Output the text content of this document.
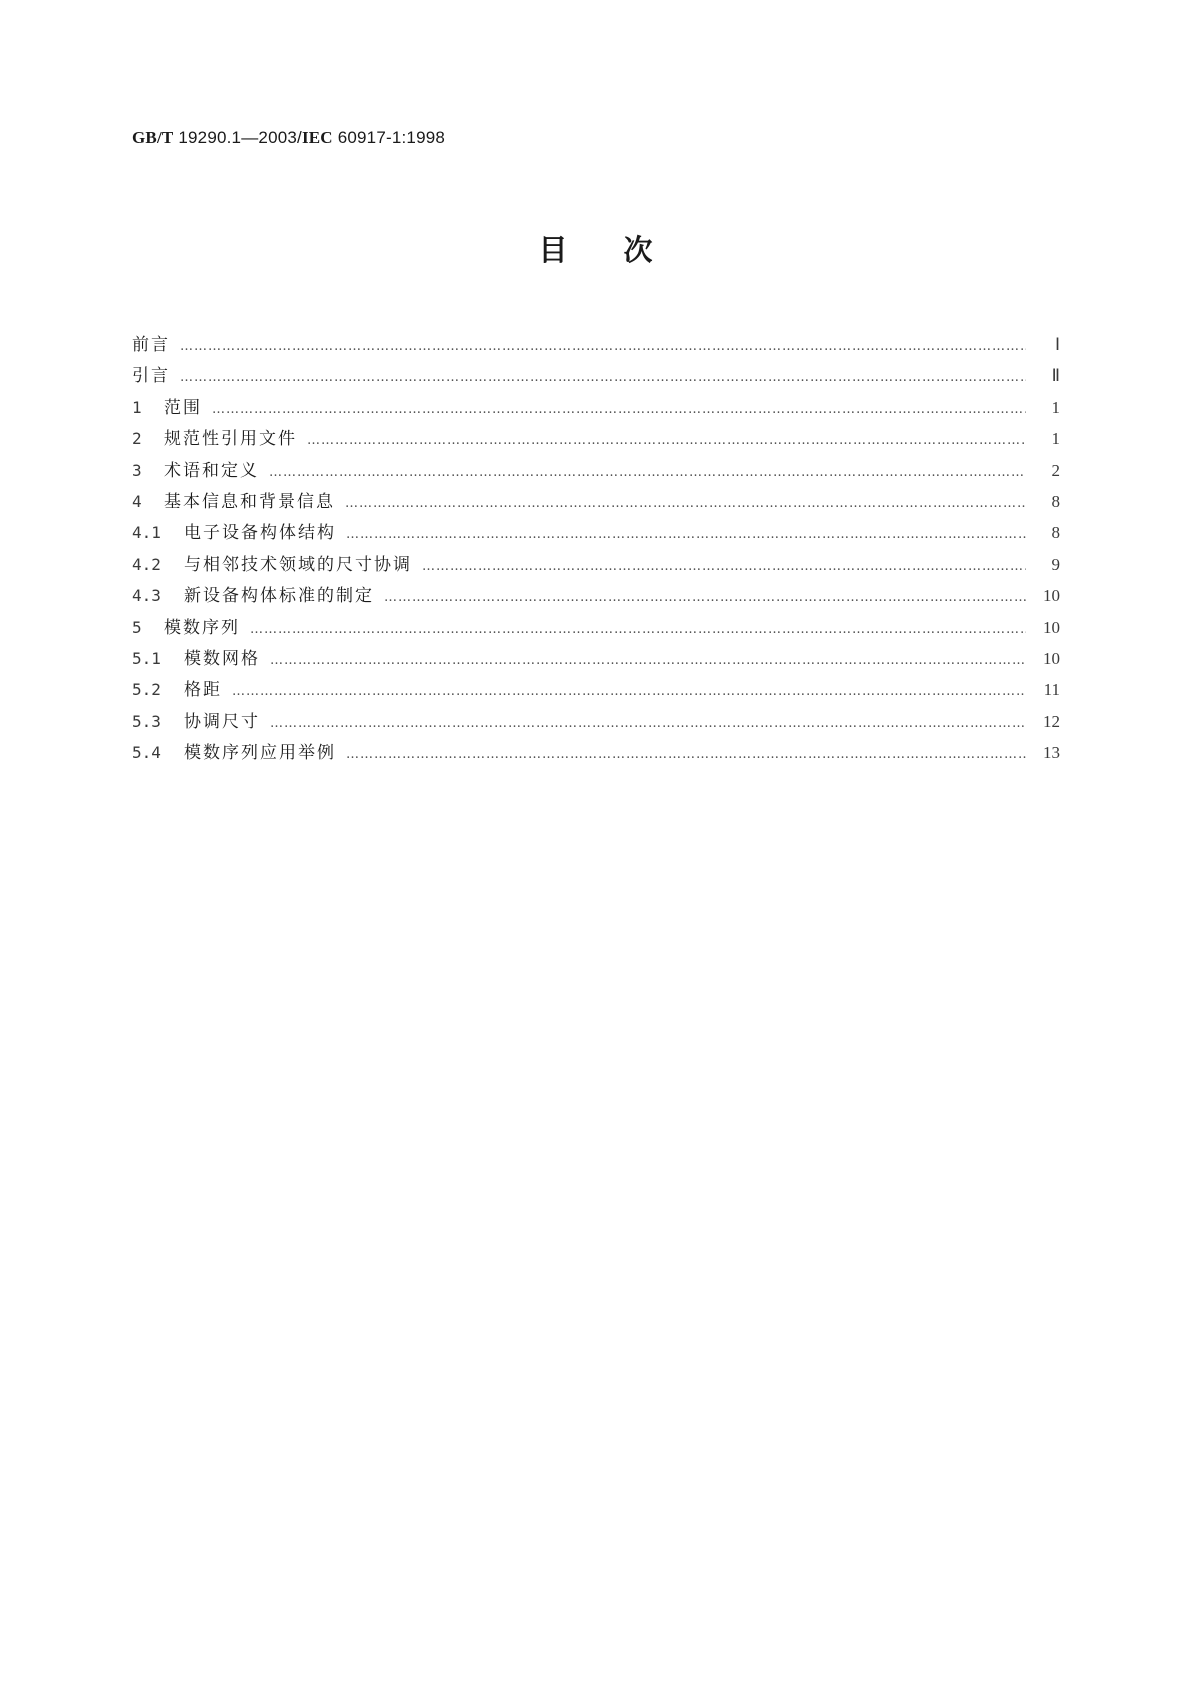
GB/T 19290.1—2003/IEC 60917-1:1998
目次
前言 ……………………………………………………………………………………………………………………………………………………………………………………………………………………………………………………	Ⅰ
引言 ……………………………………………………………………………………………………………………………………………………………………………………………………………………………………………………	Ⅱ
1	范围 ……………………………………………………………………………………………………………………………………………………………………………………………………………………………………………………	1
2	规范性引用文件 ……………………………………………………………………………………………………………………………………………………………………………………………………………………………………………………	1
3	术语和定义 ……………………………………………………………………………………………………………………………………………………………………………………………………………………………………………………	2
4	基本信息和背景信息 ……………………………………………………………………………………………………………………………………………………………………………………………………………………………………………………	8
4.1	电子设备构体结构 ……………………………………………………………………………………………………………………………………………………………………………………………………………………………………………………	8
4.2	与相邻技术领域的尺寸协调 ……………………………………………………………………………………………………………………………………………………………………………………………………………………………………………………	9
4.3	新设备构体标准的制定 ……………………………………………………………………………………………………………………………………………………………………………………………………………………………………………………	10
5	模数序列 ……………………………………………………………………………………………………………………………………………………………………………………………………………………………………………………	10
5.1	模数网格 ……………………………………………………………………………………………………………………………………………………………………………………………………………………………………………………	10
5.2	格距 ……………………………………………………………………………………………………………………………………………………………………………………………………………………………………………………	11
5.3	协调尺寸 ……………………………………………………………………………………………………………………………………………………………………………………………………………………………………………………	12
5.4	模数序列应用举例 ……………………………………………………………………………………………………………………………………………………………………………………………………………………………………………………	13
